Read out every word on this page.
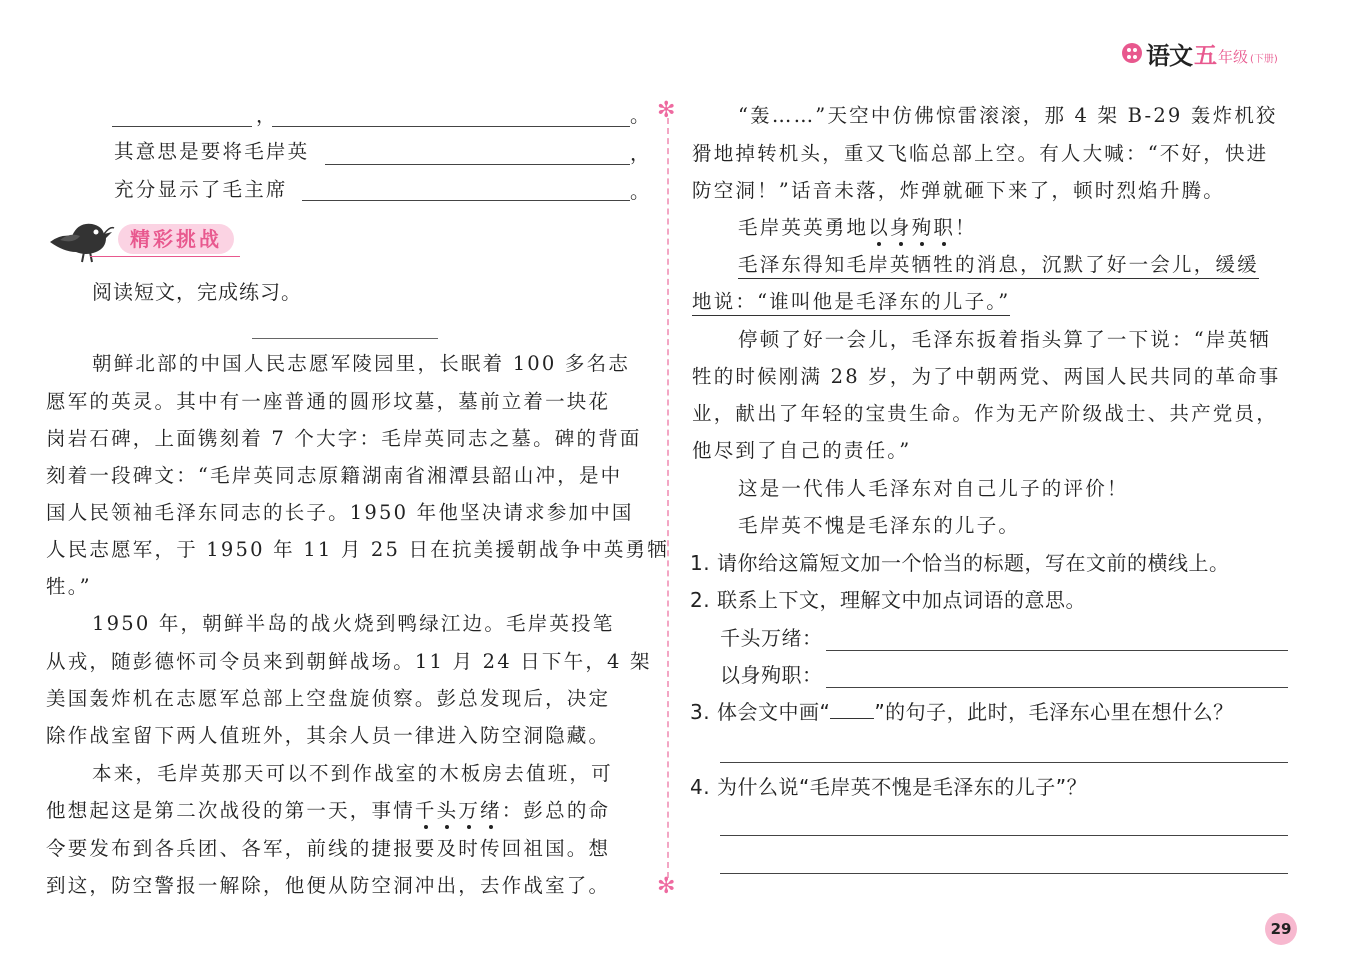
语文 五 年级 (下册)
✻
✻
，	。
其意思是要将毛岸英	，
充分显示了毛主席	。
精彩挑战
阅读短文，完成练习。
朝鲜北部的中国人民志愿军陵园里，长眠着 100 多名志
愿军的英灵。其中有一座普通的圆形坟墓，墓前立着一块花
岗岩石碑，上面镌刻着 7 个大字：毛岸英同志之墓。碑的背面
刻着一段碑文：“毛岸英同志原籍湖南省湘潭县韶山冲，是中
国人民领袖毛泽东同志的长子。1950 年他坚决请求参加中国
人民志愿军，于 1950 年 11 月 25 日在抗美援朝战争中英勇牺
牲。”
1950 年，朝鲜半岛的战火烧到鸭绿江边。毛岸英投笔
从戎，随彭德怀司令员来到朝鲜战场。11 月 24 日下午，4 架
美国轰炸机在志愿军总部上空盘旋侦察。彭总发现后，决定
除作战室留下两人值班外，其余人员一律进入防空洞隐藏。
本来，毛岸英那天可以不到作战室的木板房去值班，可
他想起这是第二次战役的第一天，事情千头万绪：彭总的命
令要发布到各兵团、各军，前线的捷报要及时传回祖国。想
到这，防空警报一解除，他便从防空洞冲出，去作战室了。
“轰……”天空中仿佛惊雷滚滚，那 4 架 B-29 轰炸机狡
猾地掉转机头，重又飞临总部上空。有人大喊：“不好，快进
防空洞！”话音未落，炸弹就砸下来了，顿时烈焰升腾。
毛岸英英勇地以身殉职！
毛泽东得知毛岸英牺牲的消息，沉默了好一会儿，缓缓
地说：“谁叫他是毛泽东的儿子。”
停顿了好一会儿，毛泽东扳着指头算了一下说：“岸英牺
牲的时候刚满 28 岁，为了中朝两党、两国人民共同的革命事
业，献出了年轻的宝贵生命。作为无产阶级战士、共产党员，
他尽到了自己的责任。”
这是一代伟人毛泽东对自己儿子的评价！
毛岸英不愧是毛泽东的儿子。
1. 请你给这篇短文加一个恰当的标题，写在文前的横线上。
2. 联系上下文，理解文中加点词语的意思。
千头万绪：
以身殉职：
3. 体会文中画“ ”的句子，此时，毛泽东心里在想什么？
4. 为什么说“毛岸英不愧是毛泽东的儿子”？
29
